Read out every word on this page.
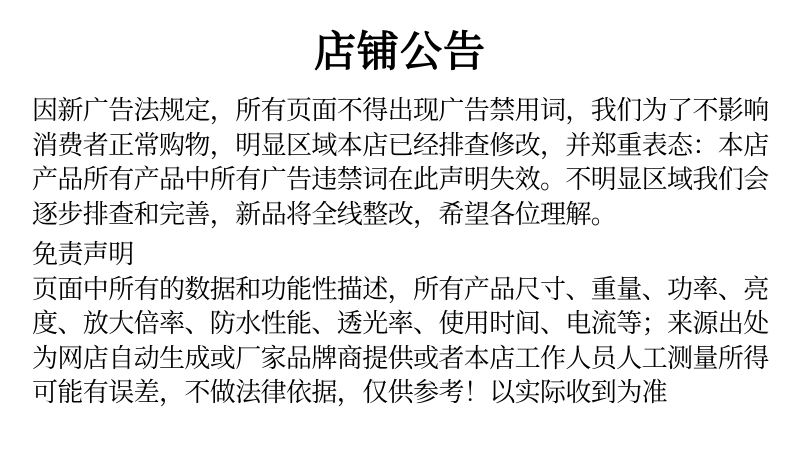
店铺公告
因新广告法规定，所有页面不得出现广告禁用词，我们为了不影响
消费者正常购物，明显区域本店已经排查修改，并郑重表态：本店
产品所有产品中所有广告违禁词在此声明失效。不明显区域我们会
逐步排查和完善，新品将全线整改，希望各位理解。
免责声明
页面中所有的数据和功能性描述，所有产品尺寸、重量、功率、亮
度、放大倍率、防水性能、透光率、使用时间、电流等；来源出处
为网店自动生成或厂家品牌商提供或者本店工作人员人工测量所得
可能有误差，不做法律依据，仅供参考！以实际收到为准
